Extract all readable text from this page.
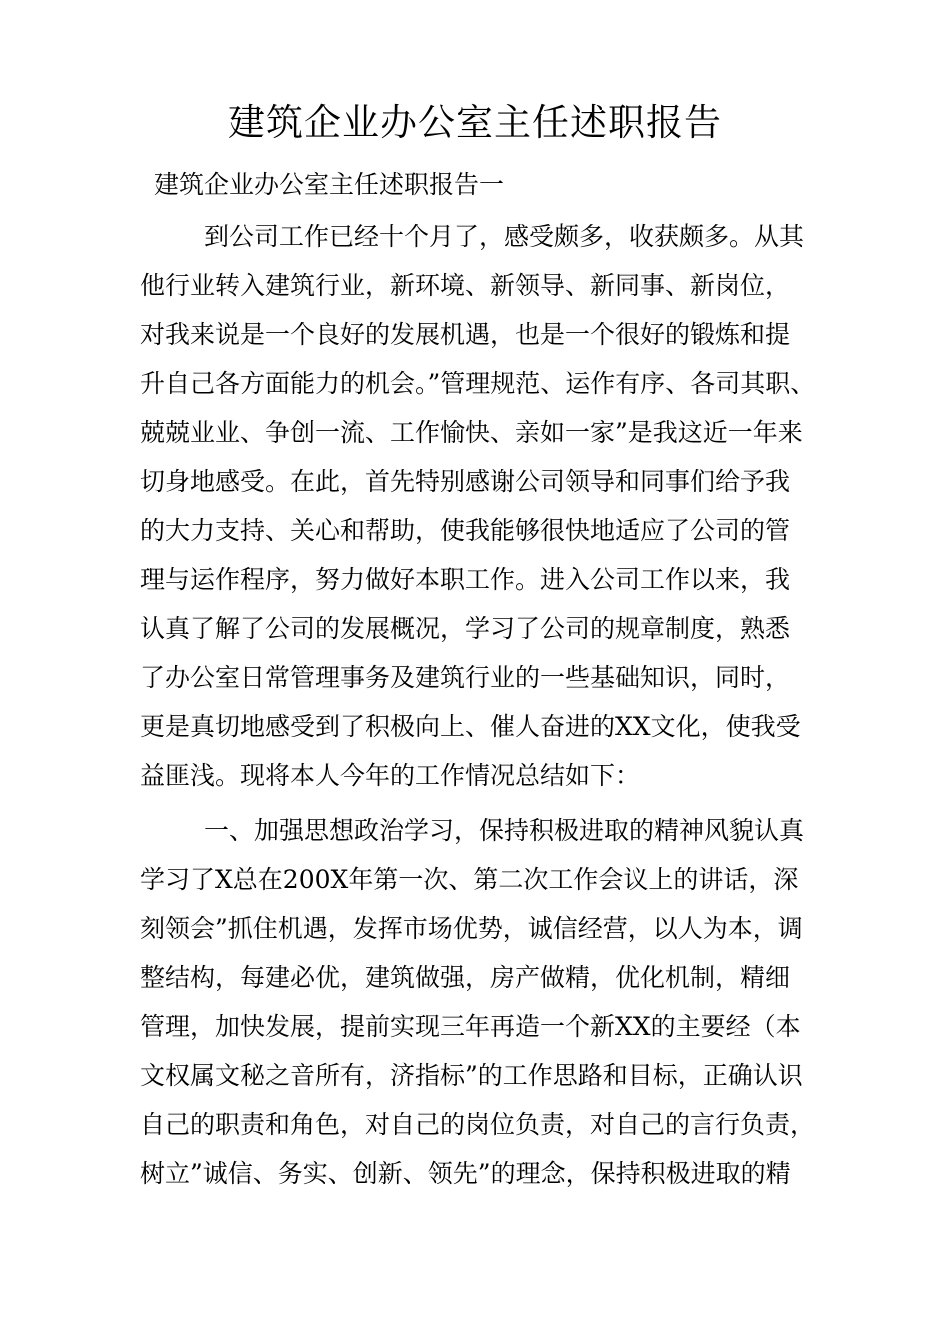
建筑企业办公室主任述职报告
建筑企业办公室主任述职报告一
到公司工作已经十个月了，感受颇多，收获颇多。从其
他行业转入建筑行业，新环境、新领导、新同事、新岗位，
对我来说是一个良好的发展机遇，也是一个很好的锻炼和提
升自己各方面能力的机会。”管理规范、运作有序、各司其职、
兢兢业业、争创一流、工作愉快、亲如一家”是我这近一年来
切身地感受。在此，首先特别感谢公司领导和同事们给予我
的大力支持、关心和帮助，使我能够很快地适应了公司的管
理与运作程序，努力做好本职工作。进入公司工作以来，我
认真了解了公司的发展概况，学习了公司的规章制度，熟悉
了办公室日常管理事务及建筑行业的一些基础知识，同时，
更是真切地感受到了积极向上、催人奋进的XX文化，使我受
益匪浅。现将本人今年的工作情况总结如下：
一、加强思想政治学习，保持积极进取的精神风貌认真
学习了X总在200X年第一次、第二次工作会议上的讲话，深
刻领会”抓住机遇，发挥市场优势，诚信经营，以人为本，调
整结构，每建必优，建筑做强，房产做精，优化机制，精细
管理，加快发展，提前实现三年再造一个新XX的主要经（本
文权属文秘之音所有，济指标”的工作思路和目标，正确认识
自己的职责和角色，对自己的岗位负责，对自己的言行负责，
树立”诚信、务实、创新、领先”的理念，保持积极进取的精
